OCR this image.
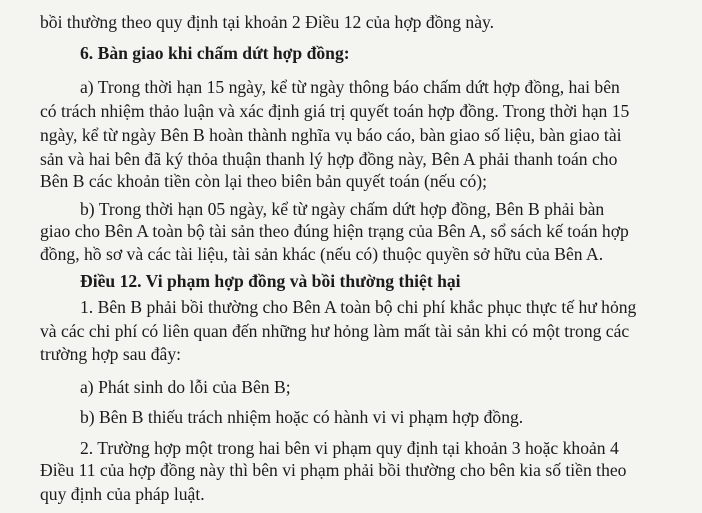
bồi thường theo quy định tại khoản 2 Điều 12 của hợp đồng này.
6. Bàn giao khi chấm dứt hợp đồng:
a) Trong thời hạn 15 ngày, kể từ ngày thông báo chấm dứt hợp đồng, hai bên
có trách nhiệm thảo luận và xác định giá trị quyết toán hợp đồng. Trong thời hạn 15
ngày, kể từ ngày Bên B hoàn thành nghĩa vụ báo cáo, bàn giao số liệu, bàn giao tài
sản và hai bên đã ký thỏa thuận thanh lý hợp đồng này, Bên A phải thanh toán cho
Bên B các khoản tiền còn lại theo biên bản quyết toán (nếu có);
b) Trong thời hạn 05 ngày, kể từ ngày chấm dứt hợp đồng, Bên B phải bàn
giao cho Bên A toàn bộ tài sản theo đúng hiện trạng của Bên A, sổ sách kế toán hợp
đồng, hồ sơ và các tài liệu, tài sản khác (nếu có) thuộc quyền sở hữu của Bên A.
Điều 12. Vi phạm hợp đồng và bồi thường thiệt hại
1. Bên B phải bồi thường cho Bên A toàn bộ chi phí khắc phục thực tế hư hỏng
và các chi phí có liên quan đến những hư hỏng làm mất tài sản khi có một trong các
trường hợp sau đây:
a) Phát sinh do lỗi của Bên B;
b) Bên B thiếu trách nhiệm hoặc có hành vi vi phạm hợp đồng.
2. Trường hợp một trong hai bên vi phạm quy định tại khoản 3 hoặc khoản 4
Điều 11 của hợp đồng này thì bên vi phạm phải bồi thường cho bên kia số tiền theo
quy định của pháp luật.
